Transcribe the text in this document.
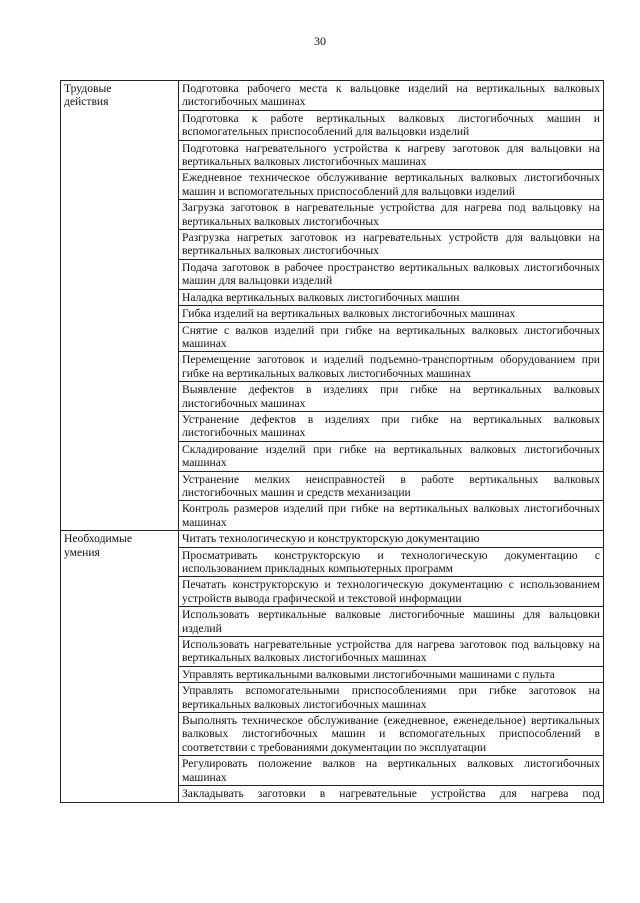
30
Трудовые
действия	Подготовка рабочего места к вальцовке изделий на вертикальных валковых листогибочных машинах
	Подготовка к работе вертикальных валковых листогибочных машин и вспомогательных приспособлений для вальцовки изделий
	Подготовка нагревательного устройства к нагреву заготовок для вальцовки на вертикальных валковых листогибочных машинах
	Ежедневное техническое обслуживание вертикальных валковых листогибочных машин и вспомогательных приспособлений для вальцовки изделий
	Загрузка заготовок в нагревательные устройства для нагрева под вальцовку на вертикальных валковых листогибочных
	Разгрузка нагретых заготовок из нагревательных устройств для вальцовки на вертикальных валковых листогибочных
	Подача заготовок в рабочее пространство вертикальных валковых листогибочных машин для вальцовки изделий
	Наладка вертикальных валковых листогибочных машин
	Гибка изделий на вертикальных валковых листогибочных машинах
	Снятие с валков изделий при гибке на вертикальных валковых листогибочных машинах
	Перемещение заготовок и изделий подъемно-транспортным оборудованием при гибке на вертикальных валковых листогибочных машинах
	Выявление дефектов в изделиях при гибке на вертикальных валковых листогибочных машинах
	Устранение дефектов в изделиях при гибке на вертикальных валковых листогибочных машинах
	Складирование изделий при гибке на вертикальных валковых листогибочных машинах
	Устранение мелких неисправностей в работе вертикальных валковых листогибочных машин и средств механизации
	Контроль размеров изделий при гибке на вертикальных валковых листогибочных машинах
Необходимые
умения	Читать технологическую и конструкторскую документацию
	Просматривать конструкторскую и технологическую документацию с использованием прикладных компьютерных программ
	Печатать конструкторскую и технологическую документацию с использованием устройств вывода графической и текстовой информации
	Использовать вертикальные валковые листогибочные машины для вальцовки изделий
	Использовать нагревательные устройства для нагрева заготовок под вальцовку на вертикальных валковых листогибочных машинах
	Управлять вертикальными валковыми листогибочными машинами с пульта
	Управлять вспомогательными приспособлениями при гибке заготовок на вертикальных валковых листогибочных машинах
	Выполнять техническое обслуживание (ежедневное, еженедельное) вертикальных валковых листогибочных машин и вспомогательных приспособлений в соответствии с требованиями документации по эксплуатации
	Регулировать положение валков на вертикальных валковых листогибочных машинах
	Закладывать заготовки в нагревательные устройства для нагрева под
